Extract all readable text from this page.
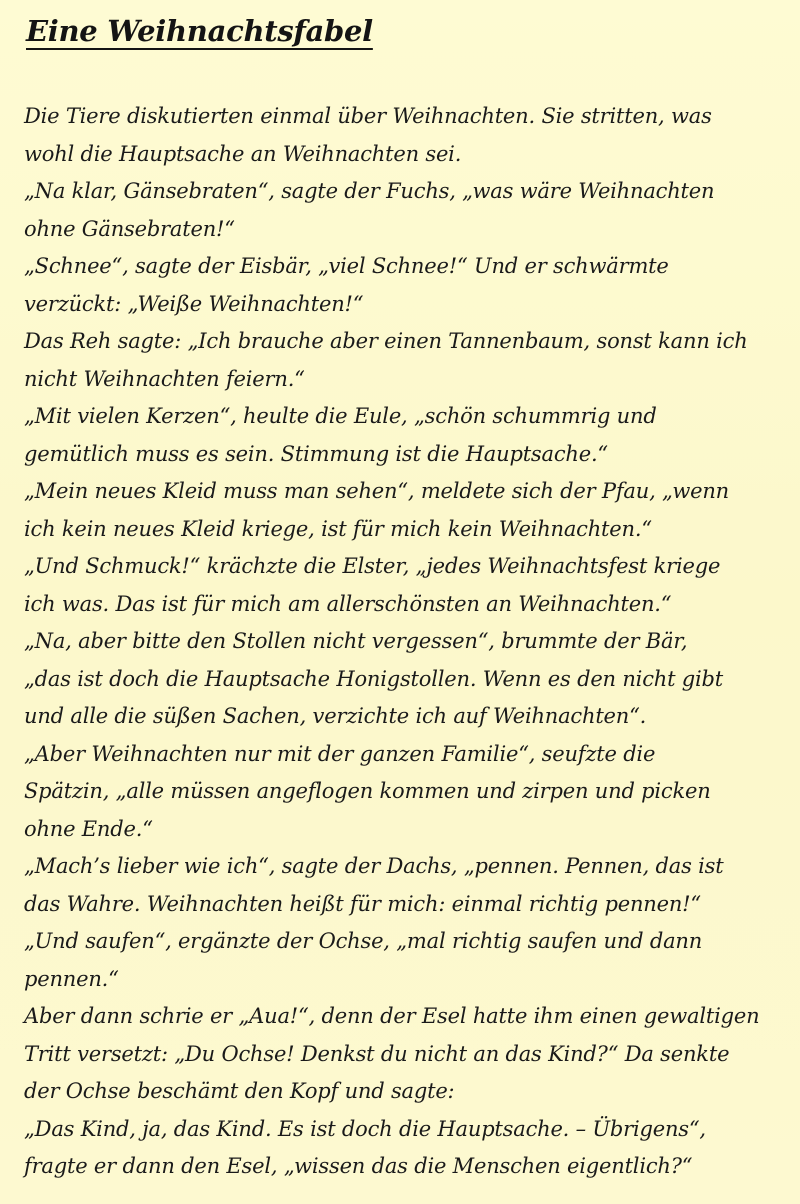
Eine Weihnachtsfabel
Die Tiere diskutierten einmal über Weihnachten. Sie stritten, was
wohl die Hauptsache an Weihnachten sei.
„Na klar, Gänsebraten“, sagte der Fuchs, „was wäre Weihnachten
ohne Gänsebraten!“
„Schnee“, sagte der Eisbär, „viel Schnee!“ Und er schwärmte
verzückt: „Weiße Weihnachten!“
Das Reh sagte: „Ich brauche aber einen Tannenbaum, sonst kann ich
nicht Weihnachten feiern.“
„Mit vielen Kerzen“, heulte die Eule, „schön schummrig und
gemütlich muss es sein. Stimmung ist die Hauptsache.“
„Mein neues Kleid muss man sehen“, meldete sich der Pfau, „wenn
ich kein neues Kleid kriege, ist für mich kein Weihnachten.“
„Und Schmuck!“ krächzte die Elster, „jedes Weihnachtsfest kriege
ich was. Das ist für mich am allerschönsten an Weihnachten.“
„Na, aber bitte den Stollen nicht vergessen“, brummte der Bär,
„das ist doch die Hauptsache Honigstollen. Wenn es den nicht gibt
und alle die süßen Sachen, verzichte ich auf Weihnachten“.
„Aber Weihnachten nur mit der ganzen Familie“, seufzte die
Spätzin, „alle müssen angeflogen kommen und zirpen und picken
ohne Ende.“
„Mach’s lieber wie ich“, sagte der Dachs, „pennen. Pennen, das ist
das Wahre. Weihnachten heißt für mich: einmal richtig pennen!“
„Und saufen“, ergänzte der Ochse, „mal richtig saufen und dann
pennen.“
Aber dann schrie er „Aua!“, denn der Esel hatte ihm einen gewaltigen
Tritt versetzt: „Du Ochse! Denkst du nicht an das Kind?“ Da senkte
der Ochse beschämt den Kopf und sagte:
„Das Kind, ja, das Kind. Es ist doch die Hauptsache. – Übrigens“,
fragte er dann den Esel, „wissen das die Menschen eigentlich?“
